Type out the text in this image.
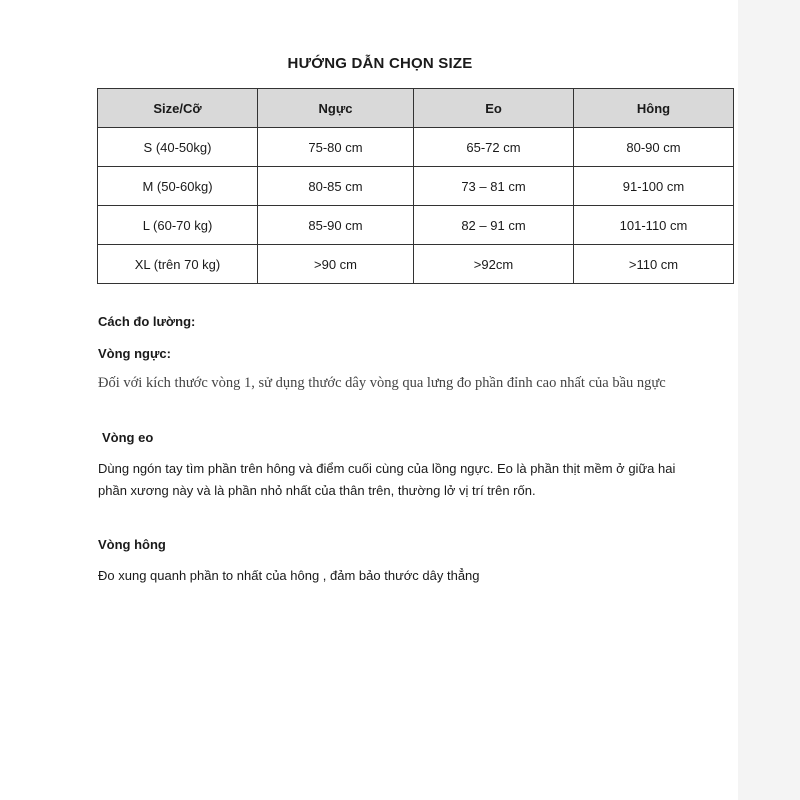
HƯỚNG DẪN CHỌN SIZE
Size/Cỡ	Ngực	Eo	Hông
S (40-50kg)	75-80 cm	65-72 cm	80-90 cm
M (50-60kg)	80-85 cm	73 – 81 cm	91-100 cm
L (60-70 kg)	85-90 cm	82 – 91 cm	101-110 cm
XL (trên 70 kg)	>90 cm	>92cm	>110 cm
Cách đo lường:
Vòng ngực:
Đối với kích thước vòng 1, sử dụng thước dây vòng qua lưng đo phần đỉnh cao nhất của bầu ngực
Vòng eo
Dùng ngón tay tìm phần trên hông và điểm cuối cùng của lồng ngực. Eo là phần thịt mềm ở giữa hai phần xương này và là phần nhỏ nhất của thân trên, thường lở vị trí trên rốn.
Vòng hông
Đo xung quanh phần to nhất của hông , đảm bảo thước dây thẳng
